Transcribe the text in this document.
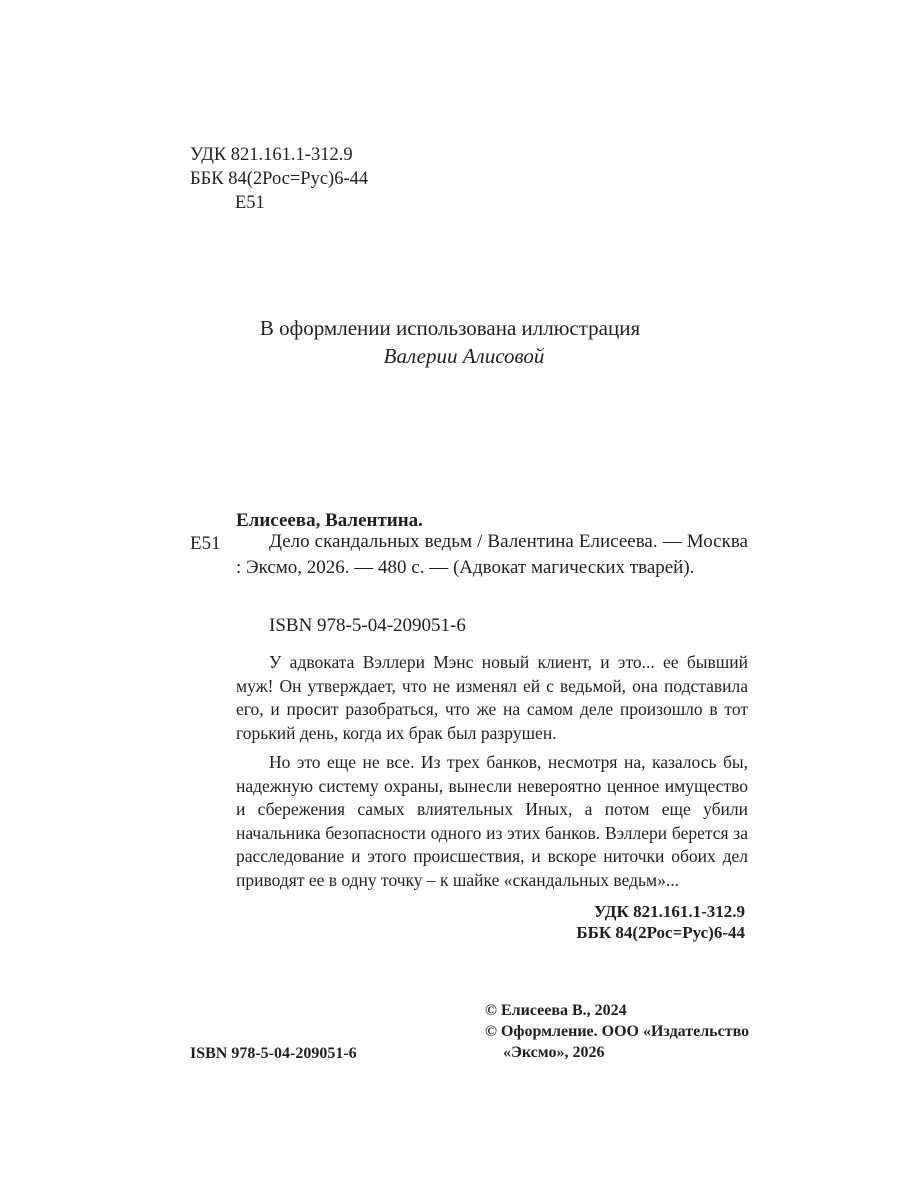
УДК 821.161.1-312.9

ББК 84(2Рос=Рус)6-44

Е51

В оформлении использована иллюстрация

Валерии Алисовой

Елисеева, Валентина.

Е51	Дело скандальных ведьм / Валентина Елисеева. — Москва : Эксмо, 2026. — 480 с. — (Адвокат магических тварей).

ISBN 978-5-04-209051-6

У адвоката Вэллери Мэнс новый клиент, и это... ее бывший муж! Он утверждает, что не изменял ей с ведьмой, она подставила его, и просит разобраться, что же на самом деле произошло в тот горький день, когда их брак был разрушен.

Но это еще не все. Из трех банков, несмотря на, казалось бы, надежную систему охраны, вынесли невероятно ценное имущество и сбережения самых влиятельных Иных, а потом еще убили начальника безопасности одного из этих банков. Вэллери берется за расследование и этого происшествия, и вскоре ниточки обоих дел приводят ее в одну точку – к шайке «скандальных ведьм»...

УДК 821.161.1-312.9
ББК 84(2Рос=Рус)6-44
© Елисеева В., 2024
© Оформление. ООО «Издательство
«Эксмо», 2026

ISBN 978-5-04-209051-6
